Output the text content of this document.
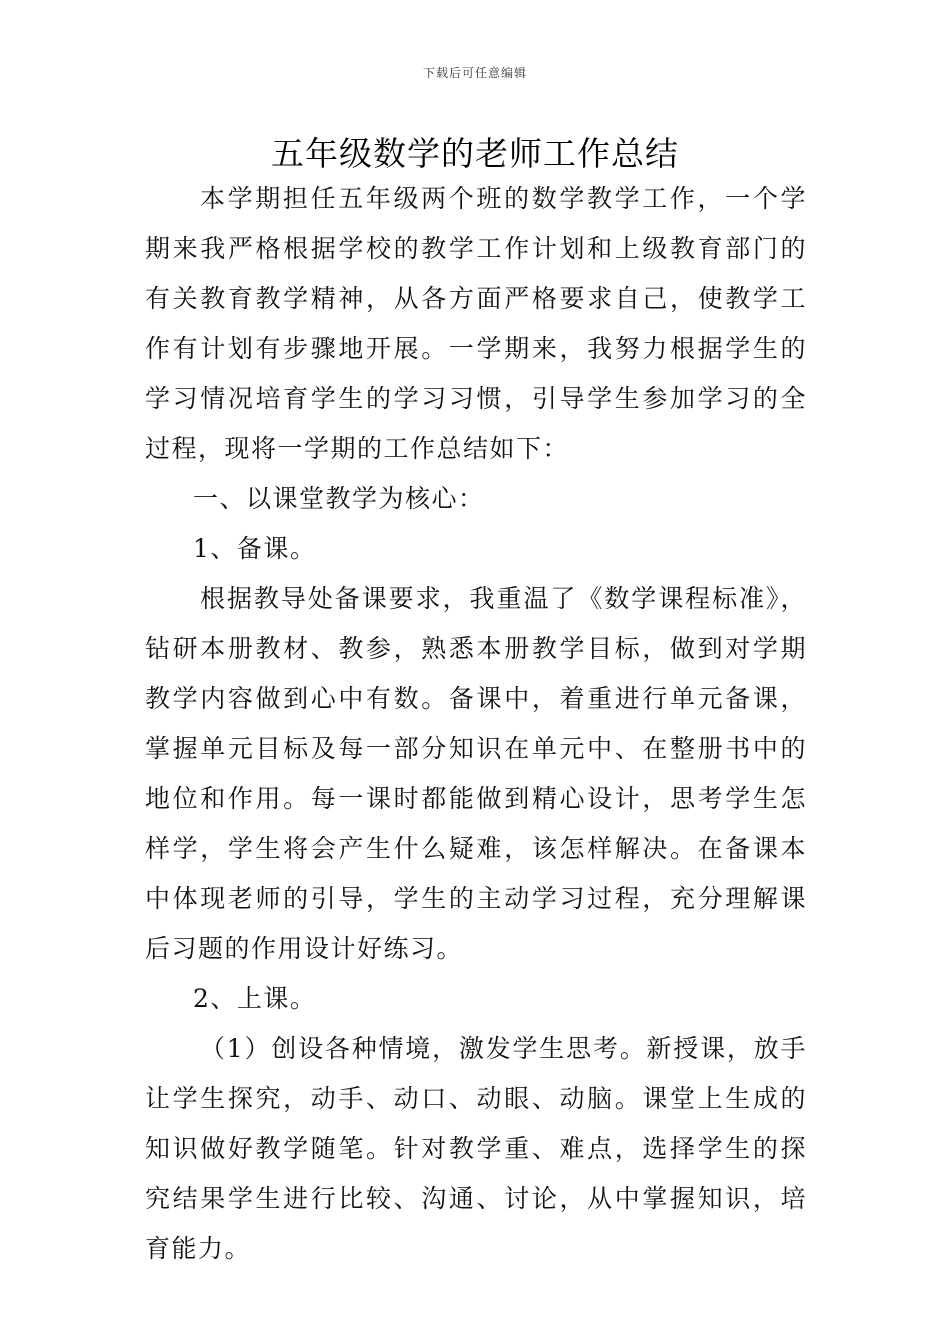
下载后可任意编辑
五年级数学的老师工作总结

本学期担任五年级两个班的数学教学工作，一个学期来我严格根据学校的教学工作计划和上级教育部门的有关教育教学精神，从各方面严格要求自己，使教学工作有计划有步骤地开展。一学期来，我努力根据学生的学习情况培育学生的学习习惯，引导学生参加学习的全过程，现将一学期的工作总结如下：

一、以课堂教学为核心：

1、备课。

根据教导处备课要求，我重温了《数学课程标准》，钻研本册教材、教参，熟悉本册教学目标，做到对学期教学内容做到心中有数。备课中，着重进行单元备课，掌握单元目标及每一部分知识在单元中、在整册书中的地位和作用。每一课时都能做到精心设计，思考学生怎样学，学生将会产生什么疑难，该怎样解决。在备课本中体现老师的引导，学生的主动学习过程，充分理解课后习题的作用设计好练习。

2、上课。

（1）创设各种情境，激发学生思考。新授课，放手让学生探究，动手、动口、动眼、动脑。课堂上生成的知识做好教学随笔。针对教学重、难点，选择学生的探究结果学生进行比较、沟通、讨论，从中掌握知识，培育能力。
